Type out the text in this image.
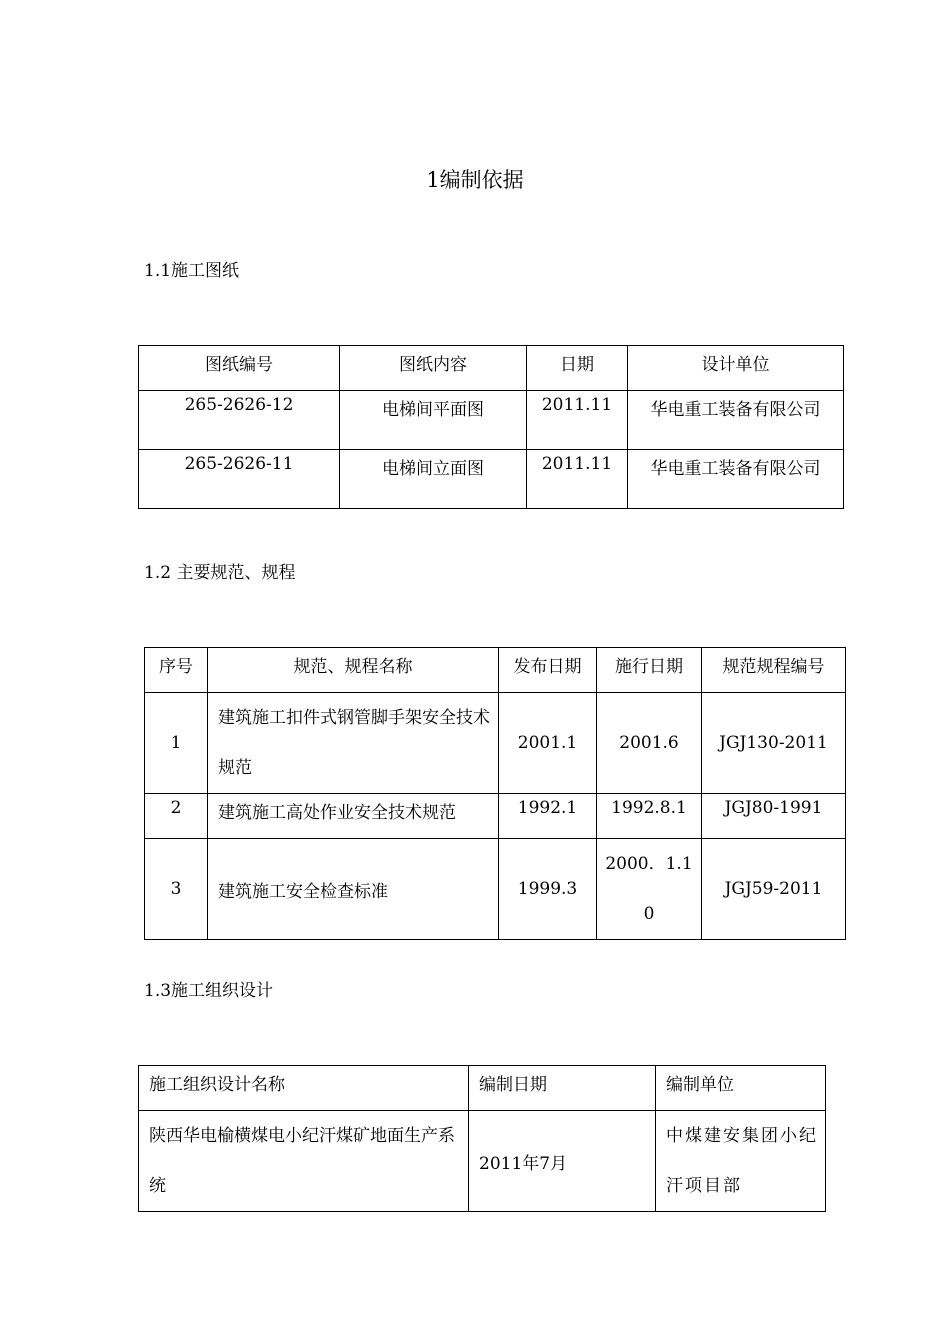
1编制依据
1.1施工图纸
图纸编号	图纸内容	日期	设计单位
265-2626-12	电梯间平面图	2011.11	华电重工装备有限公司
265-2626-11	电梯间立面图	2011.11	华电重工装备有限公司
1.2 主要规范、规程
序号	规范、规程名称	发布日期	施行日期	规范规程编号
1	建筑施工扣件式钢管脚手架安全技术规范	2001.1	2001.6	JGJ130-2011
2	建筑施工高处作业安全技术规范	1992.1	1992.8.1	JGJ80-1991
3	建筑施工安全检查标准	1999.3	2000．1.10	JGJ59-2011
1.3施工组织设计
施工组织设计名称	编制日期	编制单位
陕西华电榆横煤电小纪汗煤矿地面生产系统	2011年7月	中煤建安集团小纪汗项目部
